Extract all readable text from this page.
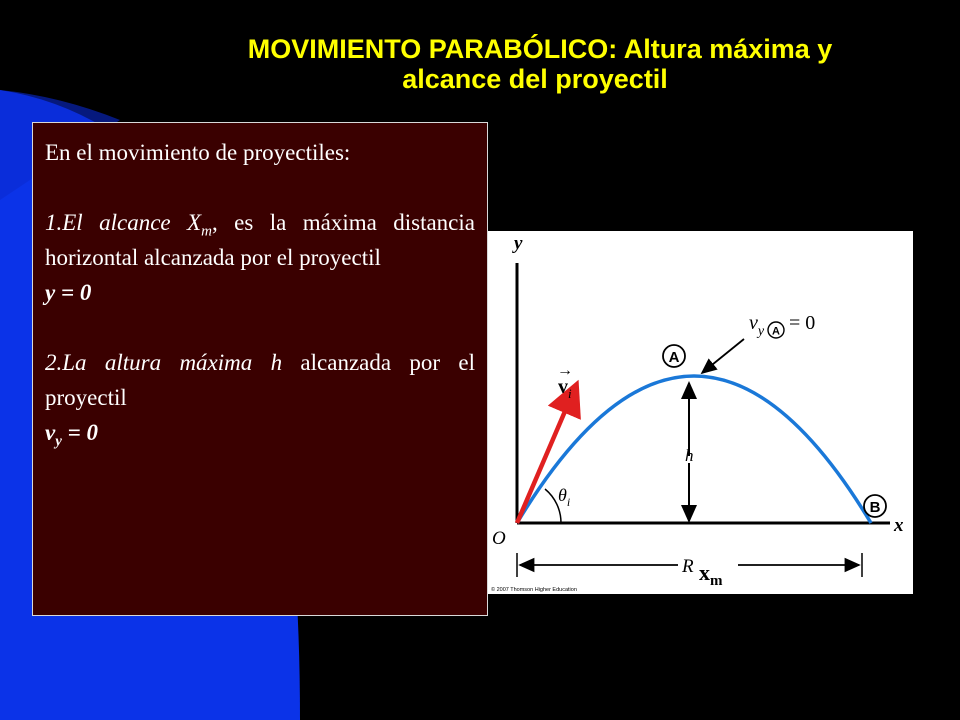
MOVIMIENTO PARABÓLICO: Altura máxima y
alcance del proyectil

En el movimiento de proyectiles:

1.El alcance $X_m$, es la máxima distancia horizontal alcanzada por el proyectil

y = 0

2.La altura máxima h alcanzada por el proyectil

$v_y = 0$

y
x
O
→
$v_i$
$\theta_i$
h
A
$v_y$ A = 0
B
R $x_m$
© 2007 Thomson Higher Education
